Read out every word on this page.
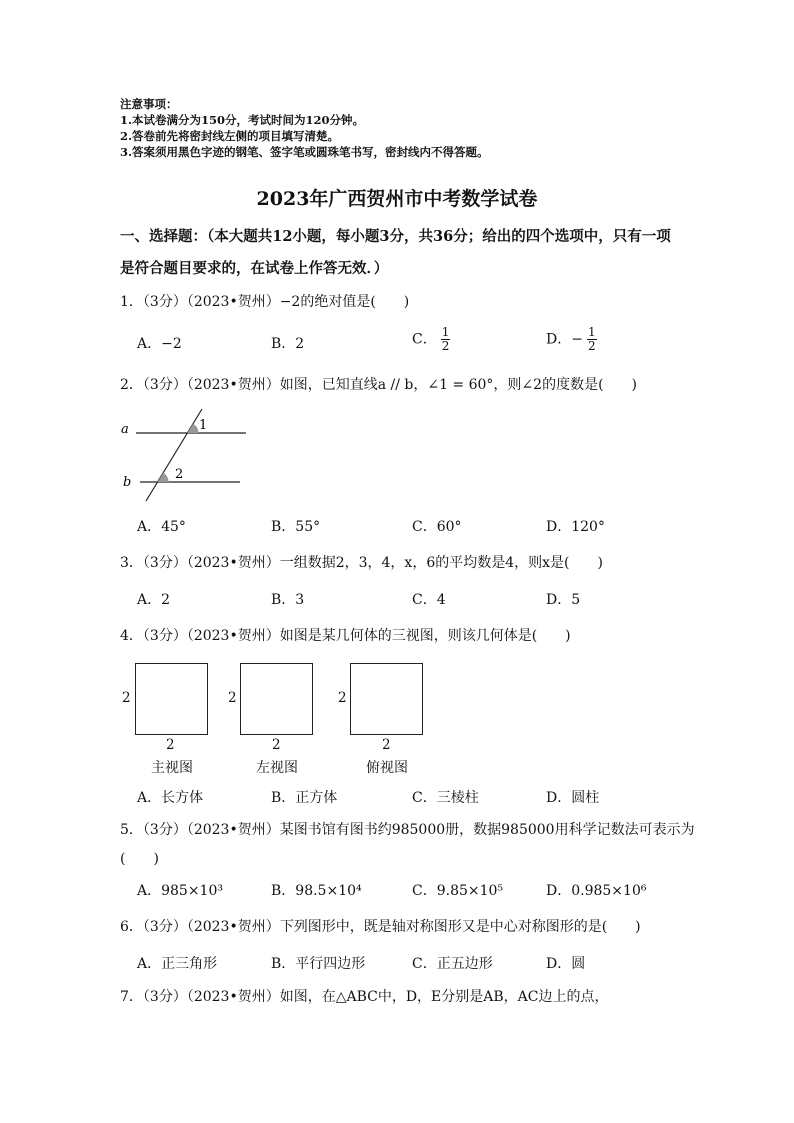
注意事项：
1.本试卷满分为150分，考试时间为120分钟。
2.答卷前先将密封线左侧的项目填写清楚。
3.答案须用黑色字迹的钢笔、签字笔或圆珠笔书写，密封线内不得答题。
2023年广西贺州市中考数学试卷
一、选择题：（本大题共12小题，每小题3分，共36分；给出的四个选项中，只有一项
是符合题目要求的，在试卷上作答无效．）
1．（3分）（2023•贺州）−2的绝对值是(　　)
A．−2	B．2	C． $\frac{1}{2}$	D．− $\frac{1}{2}$
2．（3分）（2023•贺州）如图，已知直线a // b，∠1 = 60°，则∠2的度数是(　　)
a
b
1
2
A．45°	B．55°	C．60°	D．120°
3．（3分）（2023•贺州）一组数据2，3，4，x，6的平均数是4，则x是(　　)
A．2	B．3	C．4	D．5
4．（3分）（2023•贺州）如图是某几何体的三视图，则该几何体是(　　)
2
2
主视图
2
2
左视图
2
2
俯视图
A．长方体	B．正方体	C．三棱柱	D．圆柱
5．（3分）（2023•贺州）某图书馆有图书约985000册，数据985000用科学记数法可表示为
(　　)
A．985×10³	B．98.5×10⁴	C．9.85×10⁵	D．0.985×10⁶
6．（3分）（2023•贺州）下列图形中，既是轴对称图形又是中心对称图形的是(　　)
A．正三角形	B．平行四边形	C．正五边形	D．圆
7．（3分）（2023•贺州）如图，在△ABC中，D，E分别是AB，AC边上的点，
